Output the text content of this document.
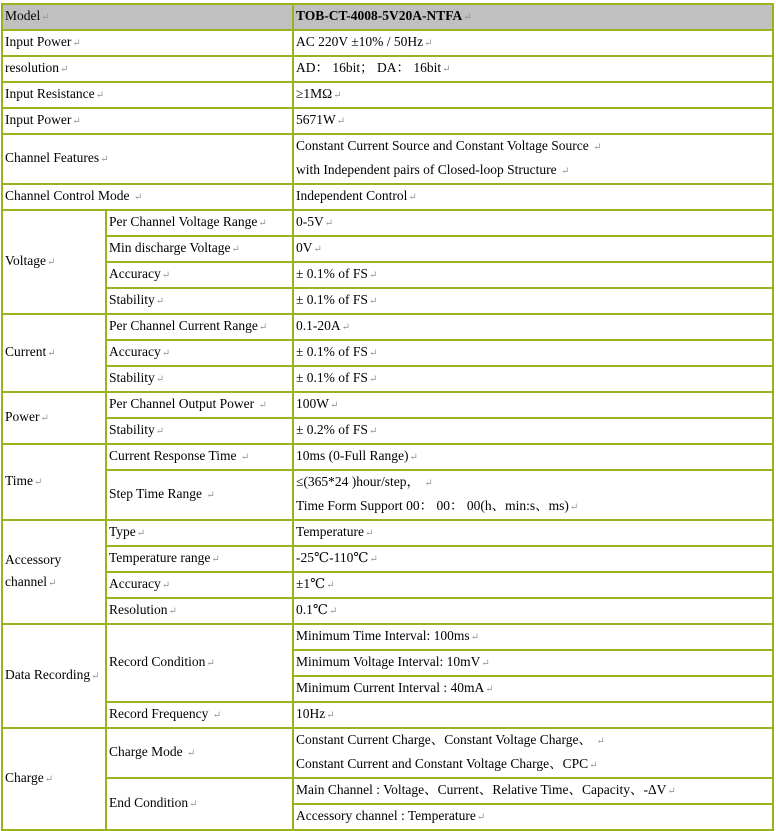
Model↵		TOB-CT-4008-5V20A-NTFA↵
Input Power↵		AC 220V ±10% / 50Hz↵
resolution↵		AD： 16bit； DA： 16bit↵
Input Resistance↵		≥1MΩ↵
Input Power↵		5671W↵
Channel Features↵		Constant Current Source and Constant Voltage Source ↵
with Independent pairs of Closed-loop Structure ↵

Channel Control Mode ↵		Independent Control↵
Voltage↵	Per Channel Voltage Range↵	0-5V↵
	Min discharge Voltage↵	0V↵
	Accuracy↵	± 0.1% of FS↵
	Stability↵	± 0.1% of FS↵
Current↵	Per Channel Current Range↵	0.1-20A↵
	Accuracy↵	± 0.1% of FS↵
	Stability↵	± 0.1% of FS↵
Power↵	Per Channel Output Power ↵	100W↵
	Stability↵	± 0.2% of FS↵
Time↵	Current Response Time ↵	10ms (0-Full Range)↵
	Step Time Range ↵	≤(365*24 )hour/step， ↵
Time Form Support 00： 00： 00(h、min:s、ms)↵

Accessory
channel↵	Type↵	Temperature↵
	Temperature range↵	-25℃-110℃↵
	Accuracy↵	±1℃↵
	Resolution↵	0.1℃↵
Data Recording↵	Record Condition↵	Minimum Time Interval: 100ms↵
		Minimum Voltage Interval: 10mV↵
		Minimum Current Interval : 40mA↵
	Record Frequency ↵	10Hz↵
Charge↵	Charge Mode ↵	Constant Current Charge、Constant Voltage Charge、 ↵
Constant Current and Constant Voltage Charge、CPC↵

	End Condition↵	Main Channel : Voltage、Current、Relative Time、Capacity、-ΔV↵
		Accessory channel : Temperature↵
